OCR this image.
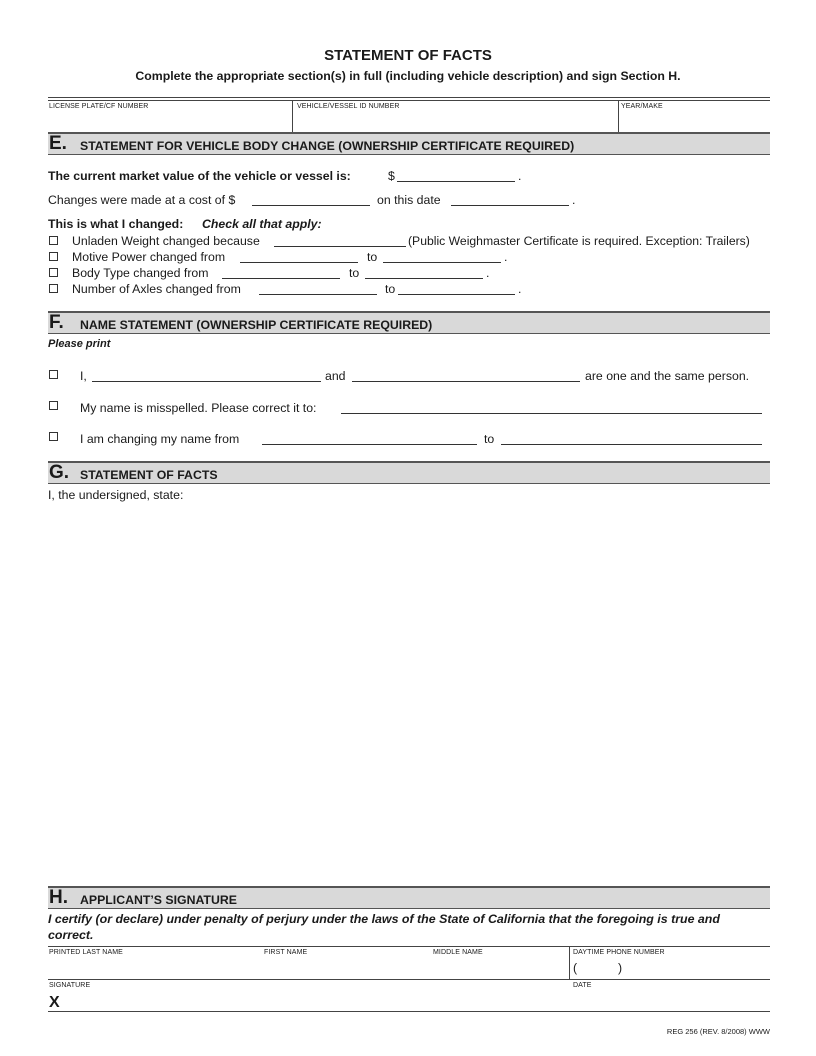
STATEMENT OF FACTS
Complete the appropriate section(s) in full (including vehicle description) and sign Section H.
LICENSE PLATE/CF NUMBER	VEHICLE/VESSEL ID NUMBER	YEAR/MAKE
E. STATEMENT FOR VEHICLE BODY CHANGE (OWNERSHIP CERTIFICATE REQUIRED)
The current market value of the vehicle or vessel is:	$	.
Changes were made at a cost of $	on this date	.
This is what I changed: Check all that apply:
Unladen Weight changed because	(Public Weighmaster Certificate is required. Exception: Trailers)
Motive Power changed from	to	.
Body Type changed from	to	.
Number of Axles changed from	to	.
F. NAME STATEMENT (OWNERSHIP CERTIFICATE REQUIRED)
Please print
I,	and	are one and the same person.
My name is misspelled. Please correct it to:
I am changing my name from	to
G. STATEMENT OF FACTS
I, the undersigned, state:
H. APPLICANT’S SIGNATURE
I certify (or declare) under penalty of perjury under the laws of the State of California that the foregoing is true and
correct.
PRINTED LAST NAME	FIRST NAME	MIDDLE NAME	DAYTIME PHONE NUMBER
(	)
SIGNATURE	DATE
X
REG 256 (REV. 8/2008) WWW
